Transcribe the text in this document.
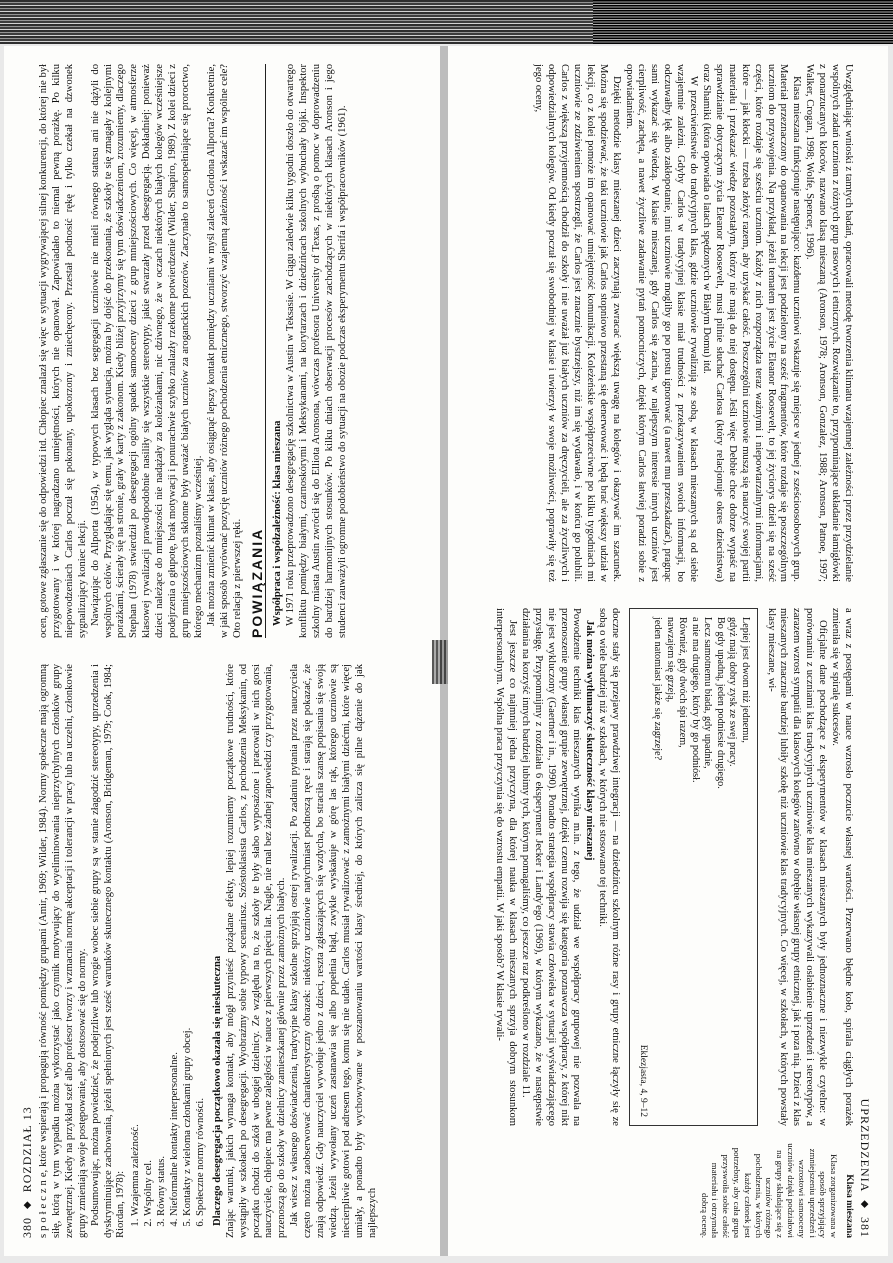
380
◆
ROZDZIAŁ 13 s p o ł e c z n e, które wspierają i propagują równość pomiędzy grupami (Amir, 1969; Wilder, 1984). Normy społeczne mają ogromną siłę, którą w tym wypadku można wykorzystać jako czynnik motywujący do wyeliminowania nieprzychylnych członków grupy zewnętrznej. Kiedy na przykład szef albo profesor tworzy i wzmacnia normę akceptacji i tolerancji w pracy lub na uczelni, członkowie grupy zmieniają swoje postępowanie, aby dostosować się do normy. Podsumowując, można powiedzieć, że podejrzliwe lub wrogie wobec siebie grupy są w stanie złagodzić stereotypy, uprzedzenia i dyskryminujące zachowania, jeżeli spełnionych jest sześć warunków skutecznego kontaktu (Aronson, Bridgeman, 1979; Cook, 1984; Riordan, 1978): 1. Wzajemna zależność. 2. Wspólny cel. 3. Równy status. 4. Nieformalne kontakty interpersonalne. 5. Kontakty z wieloma członkami grupy obcej. 6. Społeczne normy równości. Dlaczego desegregacja początkowo okazała się nieskuteczna Znając warunki, jakich wymaga kontakt, aby mógł przynieść pożądane efekty, lepiej rozumiemy początkowe trudności, które wystąpiły w szkołach po desegregacji. Wyobraźmy sobie typowy scenariusz. Szóstoklasista Carlos, z pochodzenia Meksykanin, od początku chodzi do szkół w ubogiej dzielnicy. Ze względu na to, że szkoły te były słabo wyposażone i pracowali w nich gorsi nauczyciele, chłopiec ma pewne zaległości w nauce z pierwszych pięciu lat. Nagle, nie mal bez żadnej zapowiedzi czy przygotowania, przenoszą go do szkoły w dzielnicy zamieszkanej głównie przez zamożnych białych. Jak wiesz z własnego doświadczenia, tradycyjne klasy szkolne sprzyjają ostrej rywalizacji. Po zadaniu pytania przez nauczyciela często można zaobserwować charakterystyczny obrazek: niektórzy uczniowie natychmiast podnoszą ręce i starają się pokazać, że znają odpowiedź. Gdy nauczyciel wywołuje jedno z dzieci, reszta zgłaszających się wzdycha, bo straciła szansę popisania się swoją wiedzą. Jeżeli wywołany uczeń zastanawia się albo popełnia błąd, zwykle wyskakuje w górę las rąk, którego uczniowie są niecierpliwie gotowi pod adresem tego, komu się nie udało. Carlos musiał rywalizować z zamożnymi białymi dziećmi, które więcej umiały, a ponadto były wychowywane w poszanowaniu wartości klasy średniej, do których zalicza się pilne dążenie do jak najlepszych

ocen, gotowe zgłaszanie się do odpowiedzi itd. Chłopiec znalazł się więc w sytuacji wygrywającej silnej konkurencji, do której nie był przygotowany i w której nagradzano umiejętności, których nie opanował. Zapowiadało to niemal pewną porażkę. Po kilku niepowodzeniach Carlos poczuł się pokonany, upokorzony i zniechęcony. Przestał podnosić rękę i tylko czekał na dzwonek sygnalizujący koniec lekcji. Nawiązując do Allporta (1954), w typowych klasach bez segregacji uczniowie nie mieli równego statusu ani nie dążyli do wspólnych celów. Przyglądając się temu, jak wygląda sytuacja, można by dojść do przekonania, że szkoły te się zmagały z kolejnymi porażkami, ścierały się na stronie, grały w karty z zakonom. Kiedy bliżej przyjrzymy się tym doświadczeniom, zrozumiemy, dlaczego Stephan (1978) stwierdził po desegregacji ogólny spadek samooceny dzieci z grup mniejszościowych. Co więcej, w atmosferze klasowej rywalizacji prawdopodobnie nasiliły się wszystkie stereotypy, jakie stwarzały przed desegregacją. Dokładniej: ponieważ dzieci należące do mniejszości nie nadążały za koleżankami, nic dziwnego, że w oczach niektórych białych kolegów wcześniejsze podejrzenia o głupotę, brak motywacji i ponurachwie szybko znalazły rzekome potwierdzenie (Wilder, Shapiro, 1989). Z kolei dzieci z grup mniejszościowych skłonne były uważać białych uczniów za aroganckich pozerów. Zaczynało to samospełniające się proroctwo, którego mechanizm poznaliśmy wcześniej. Jak można zmienić klimat w klasie, aby osiągnąć lepszy kontakt pomiędzy uczniami w myśl zaleceń Gordona Allporta? Konkretnie, w jaki sposób wyrównać pozycję uczniów różnego pochodzenia etnicznego, stworzyć wzajemną zależność i wskazać im wspólne cele? Oto relacja z pierwszej ręki. POWIĄZANIA Współpraca i współzależność: klasa mieszana W 1971 roku przeprowadzono desegregację szkolnictwa w Austin w Teksasie. W ciągu zaledwie kilku tygodni doszło do otwartego konfliktu pomiędzy białymi, czarnoskórymi i Meksykanami, na korytarzach i dziedzińcach szkolnych wybuchały bójki. Inspektor szkolny miasta Austin zwrócił się do Elliota Aronsona, wówczas profesora University of Texas, z prośbą o pomoc w doprowadzeniu do bardziej harmonijnych stosunków. Po kilku dniach obserwacji procesów zachodzących w niektórych klasach Aronson i jego studenci zauważyli ogromne podobieństwo do sytuacji na obozie podczas eksperymentu Sherifa i współpracowników (1961).

UPRZEDZENIA
◆
381

Uwzględniając wnioski z tamtych badań, opracowali metodę tworzenia klimatu wzajemnej zależności przez przydzielanie wspólnych zadań uczniom z różnych grup rasowych i etnicznych. Rozwiązanie to, przypominające układanie łamigłówki z ponarzucanych kloców, nazwano klasą mieszaną (Aronson, 1978; Aronson, Gonzalez, 1988; Aronson, Patnoe, 1997; Walker, Crogan, 1998; Wolfe, Spencer, 1996).

Klasa mieszana funkcjonuje następująco: każdemu uczniowi wskazuje się miejsce w jednej z sześcioosobowych grup. Materiał przeznaczony do opanowania na lekcji jest podzielony na sześć fragmentów, które rozdaje się poszczególnym uczniom do przyswojenia. Na przykład, jeżeli tematem jest życie Eleanor Roosevelt, to jej życiorys dzieli się na sześć części, które rozdaje się sześciu uczniom. Każdy z nich rozporządza teraz ważnymi i niepowtarzalnymi informacjami, które — jak kłocki — trzeba złożyć razem, aby uzyskać całość. Poszczególni uczniowie muszą się nauczyć swojej partii materiału i przekazać wiedzę pozostałym, którzy nie mają do niej dostępu. Jeśli więc Debbie chce dobrze wypaść na sprawdzianie dotyczącym życia Eleanor Roosevelt, musi pilnie słuchać Carlosa (który relacjonuje okres dzieciństwa) oraz Shamiki (która opowiada o latach spędzonych w Białym Domu) itd.

W przeciwieństwie do tradycyjnych klas, gdzie uczniowie rywalizują ze sobą, w klasach mieszanych są od siebie wzajemnie zależni. Gdyby Carlos w tradycyjnej klasie miał trudności z przekazywaniem swoich informacji, bo odczuwałby lęk albo zakłopotanie, inni uczniowie mogliby go po prostu ignorować (a nawet mu przeszkadzać), pragnąc sami wykazać się wiedzą. W klasie mieszanej, gdy Carlos się zacina, w najlepszym interesie innych uczniów jest cierpliwość, zachęta, a nawet życzliwe zadawanie pytań pomocniczych, dzięki którym Carlos łatwiej poradzi sobie z opowiadaniem.

Dzięki metodzie klasy mieszanej dzieci zaczynają zwracać większą uwagę na kolegów i okazywać im szacunek. Można się spodziewać, że taki uczniowie jak Carlos stopniowo przestaną się denerwować i będą brać większy udział w lekcji, co z kolei pomoże im opanować umiejętność komunikacji. Koleżeńskie współprzeciwne po kilku tygodniach mi uczniowie ze zdziwieniem spostrzegli, że Carlos jest znacznie bystrzejszy, niż im się wydawało, i w końcu go polubili. Carlos z większą przyjemnością chodził do szkoły i nie uważał już białych uczniów za dręczycieli, ale za życzliwych i odpowiedzialnych kolegów. Od kiedy poczuł się swobodniej w klasie i uwierzył w swoje możliwości, poprawiły się też jego oceny,

a wraz z postępami w nauce wzrosło poczucie własnej wartości. Przerwano błędne koło, spirala ciągłych porażek zmieniła się w spiralę sukcesów.

Oficjalne dane pochodzące z eksperymentów w klasach mieszanych były jednoznaczne i niezwykle czytelne: w porównaniu z uczniami klas tradycyjnych uczniowie klas mieszanych wykazywali osłabienie uprzedzeń i stereotypów, a zarazem wzrost sympatii dla klasowych kolegów zarówno w obrębie własnej grupy etnicznej, jak i poza nią. Dzieci z klas mieszanych znacznie bardziej lubiły szkołę niż uczniowie klas tradycyjnych. Co więcej, w szkołach, w których powstały klasy mieszane, wi-

Lepiej jest dwom niż jednemu,
gdyż mają dobry zysk ze swej pracy.
Bo gdy upadną, jeden podniesie drugiego.
Lecz samotnemu biada, gdy upadnie,
a nie ma drugiego, który by go podniósł.
Również, gdy dwóch śpi razem,
nawzajem się grzeją,
jeden natomiast jakże się zagrzeje?
Eklezjasta, 4, 9–12

doczne stały się przejawy prawdziwej integracji — na dziedzińcu szkolnym różne rasy i grupy etniczne łączyły się ze sobą o wiele bardziej niż w szkołach, w których nie stosowano tej techniki.

Jak można wytłumaczyć skuteczność klasy mieszanej

Powodzenie techniki klas mieszanych wynika m.in. z tego, że udział we współpracy grupowej nie pozwala na przenoszenie grupy własnej grupie zewnętrznej, dzięki czemu rozwija się kategoria poznawcza współpracy, z której nikt nie jest wykluczony (Gaertner i in., 1990). Ponadto strategia współpracy stawia człowieka w sytuacji wyświadczającego przysługę. Przypomnijmy z rozdziału 6 eksperyment Jecker i Landy'ego (1969), w którym wykazano, że w następstwie działania na korzyść innych bardziej lubimy tych, którym pomagaliśmy, co jeszcze raz podkreślono w rozdziale 11.

Jest jeszcze co najmniej jedna przyczyna, dla której nauka w klasach mieszanych sprzyja dobrym stosunkom interpersonalnym. Wspólna praca przyczynia się do wzrostu empatii. W jaki sposób? W klasie rywali-

Klasa mieszana
Klasa zorganizowana w sposób sprzyjający zmniejszeniu uprzedzeń i wzrostowi samooceny uczniów dzięki podziałowi na grupy składające się z uczniów różnego pochodzenia, w których każdy członek jest potrzebny, aby cała grupa przyswoiła sobie całość materiału i otrzymała dobrą ocenę.
